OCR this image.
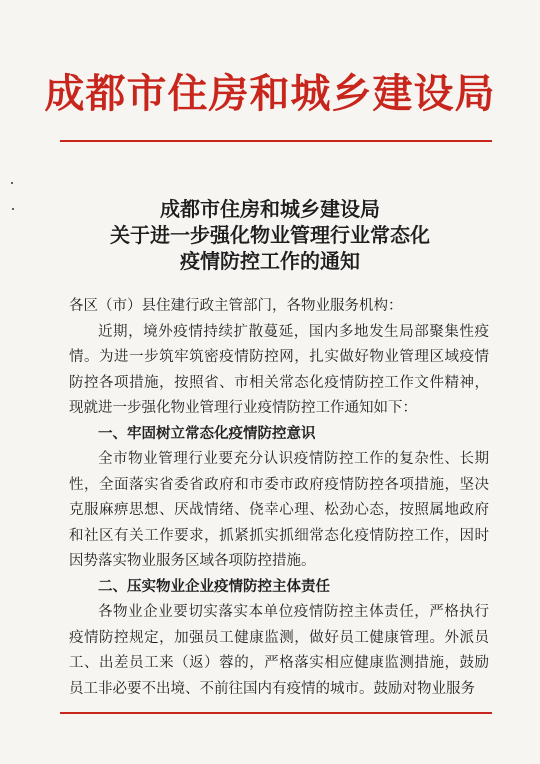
成都市住房和城乡建设局
成都市住房和城乡建设局
关于进一步强化物业管理行业常态化
疫情防控工作的通知

各区（市）县住建行政主管部门，各物业服务机构：

近期，境外疫情持续扩散蔓延，国内多地发生局部聚集性疫情。为进一步筑牢筑密疫情防控网，扎实做好物业管理区域疫情防控各项措施，按照省、市相关常态化疫情防控工作文件精神，现就进一步强化物业管理行业疫情防控工作通知如下：

一、牢固树立常态化疫情防控意识

全市物业管理行业要充分认识疫情防控工作的复杂性、长期性，全面落实省委省政府和市委市政府疫情防控各项措施，坚决克服麻痹思想、厌战情绪、侥幸心理、松劲心态，按照属地政府和社区有关工作要求，抓紧抓实抓细常态化疫情防控工作，因时因势落实物业服务区域各项防控措施。

二、压实物业企业疫情防控主体责任

各物业企业要切实落实本单位疫情防控主体责任，严格执行疫情防控规定，加强员工健康监测，做好员工健康管理。外派员工、出差员工来（返）蓉的，严格落实相应健康监测措施，鼓励员工非必要不出境、不前往国内有疫情的城市。鼓励对物业服务
